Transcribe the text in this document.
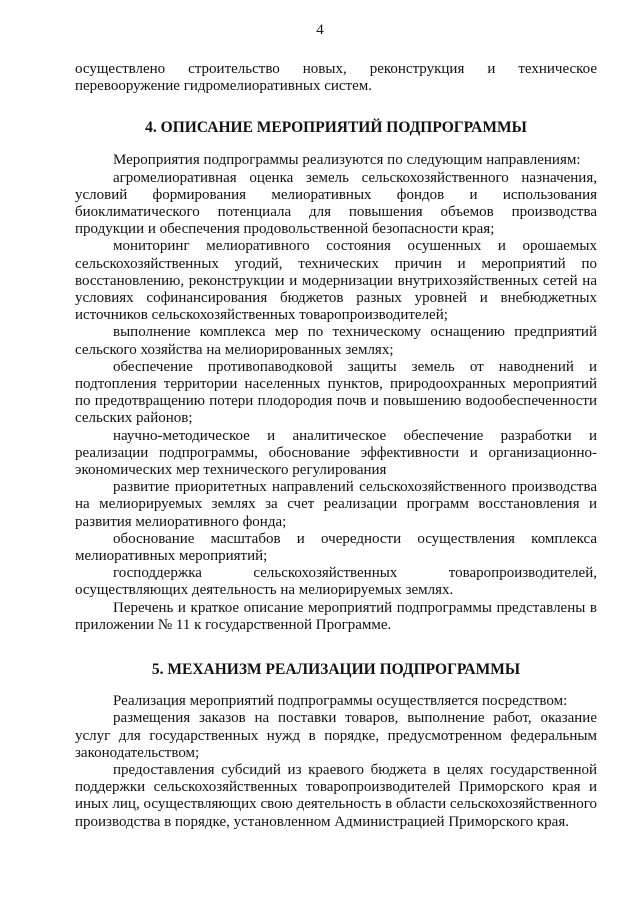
4
осуществлено строительство новых, реконструкция и техническое
перевооружение гидромелиоративных систем.
4. ОПИСАНИЕ МЕРОПРИЯТИЙ ПОДПРОГРАММЫ

Мероприятия подпрограммы реализуются по следующим направлениям:

агромелиоративная оценка земель сельскохозяйственного назначения, условий формирования мелиоративных фондов и использования биоклиматического потенциала для повышения объемов производства продукции и обеспечения продовольственной безопасности края;

мониторинг мелиоративного состояния осушенных и орошаемых сельскохозяйственных угодий, технических причин и мероприятий по восстановлению, реконструкции и модернизации внутрихозяйственных сетей на условиях софинансирования бюджетов разных уровней и внебюджетных источников сельскохозяйственных товаропроизводителей;

выполнение комплекса мер по техническому оснащению предприятий сельского хозяйства на мелиорированных землях;

обеспечение противопаводковой защиты земель от наводнений и подтопления территории населенных пунктов, природоохранных мероприятий по предотвращению потери плодородия почв и повышению водообеспеченности сельских районов;

научно-методическое и аналитическое обеспечение разработки и реализации подпрограммы, обоснование эффективности и организационно-экономических мер технического регулирования

развитие приоритетных направлений сельскохозяйственного производства на мелиорируемых землях за счет реализации программ восстановления и развития мелиоративного фонда;

обоснование масштабов и очередности осуществления комплекса мелиоративных мероприятий;

господдержка сельскохозяйственных товаропроизводителей, осуществляющих деятельность на мелиорируемых землях.

Перечень и краткое описание мероприятий подпрограммы представлены в приложении № 11 к государственной Программе.

5. МЕХАНИЗМ РЕАЛИЗАЦИИ ПОДПРОГРАММЫ

Реализация мероприятий подпрограммы осуществляется посредством:

размещения заказов на поставки товаров, выполнение работ, оказание услуг для государственных нужд в порядке, предусмотренном федеральным законодательством;

предоставления субсидий из краевого бюджета в целях государственной поддержки сельскохозяйственных товаропроизводителей Приморского края и иных лиц, осуществляющих свою деятельность в области сельскохозяйственного производства в порядке, установленном Администрацией Приморского края.
